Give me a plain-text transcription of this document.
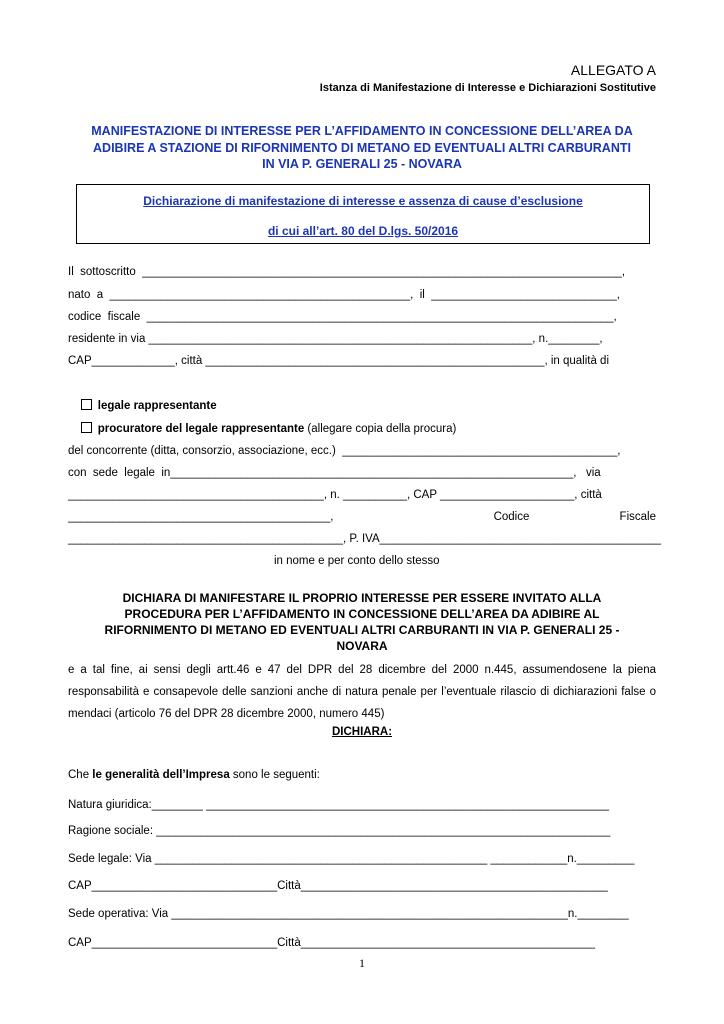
ALLEGATO A
Istanza di Manifestazione di Interesse e Dichiarazioni Sostitutive
MANIFESTAZIONE DI INTERESSE PER L’AFFIDAMENTO IN CONCESSIONE DELL’AREA DA
ADIBIRE A STAZIONE DI RIFORNIMENTO DI METANO ED EVENTUALI ALTRI CARBURANTI
IN VIA P. GENERALI 25 - NOVARA
Dichiarazione di manifestazione di interesse e assenza di cause d’esclusione
di cui all’art. 80 del D.lgs. 50/2016
Il  sottoscritto  ___________________________________________________________________________,
nato  a  _______________________________________________,  il  _____________________________,
codice  fiscale  _________________________________________________________________________,
residente in via ____________________________________________________________, n.________,
CAP_____________, città _____________________________________________________, in qualità di

legale rappresentante

procuratore del legale rappresentante (allegare copia della procura)

del concorrente (ditta, consorzio, associazione, ecc.)  ___________________________________________,
con  sede  legale  in_______________________________________________________________,   via
________________________________________, n. __________, CAP _____________________, città
_________________________________________,	Codice	Fiscale
___________________________________________, P. IVA____________________________________________
in nome e per conto dello stesso
DICHIARA DI MANIFESTARE IL PROPRIO INTERESSE PER ESSERE INVITATO ALLA
PROCEDURA PER L’AFFIDAMENTO IN CONCESSIONE DELL’AREA DA ADIBIRE AL
RIFORNIMENTO DI METANO ED EVENTUALI ALTRI CARBURANTI IN VIA P. GENERALI 25 -
NOVARA
e a tal fine, ai sensi degli artt.46 e 47 del DPR del 28 dicembre del 2000 n.445, assumendosene la piena responsabilità e consapevole delle sanzioni anche di natura penale per l’eventuale rilascio di dichiarazioni false o mendaci (articolo 76 del DPR 28 dicembre 2000, numero 445)
DICHIARA:
Che le generalità dell’Impresa sono le seguenti:
Natura giuridica:________ _______________________________________________________________
Ragione sociale: _______________________________________________________________________
Sede legale: Via ____________________________________________________ ____________n._________
CAP_____________________________Città________________________________________________
Sede operativa: Via ______________________________________________________________n.________
CAP_____________________________Città______________________________________________
1
